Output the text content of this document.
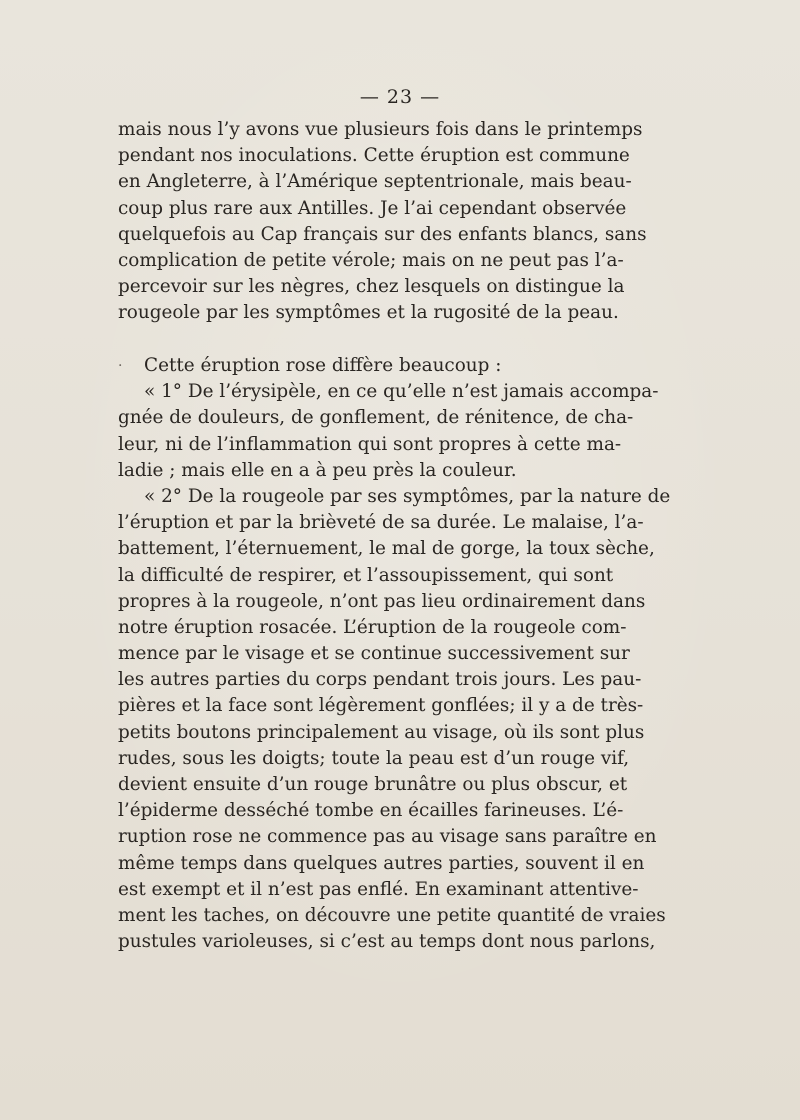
— 23 —
mais nous l’y avons vue plusieurs fois dans le printemps
pendant nos inoculations. Cette éruption est commune
en Angleterre, à l’Amérique septentrionale, mais beau-
coup plus rare aux Antilles. Je l’ai cependant observée
quelquefois au Cap français sur des enfants blancs, sans
complication de petite vérole; mais on ne peut pas l’a-
percevoir sur les nègres, chez lesquels on distingue la
rougeole par les symptômes et la rugosité de la peau.
· Cette éruption rose diffère beaucoup :
« 1° De l’érysipèle, en ce qu’elle n’est jamais accompa-
gnée de douleurs, de gonflement, de rénitence, de cha-
leur, ni de l’inflammation qui sont propres à cette ma-
ladie ; mais elle en a à peu près la couleur.
« 2° De la rougeole par ses symptômes, par la nature de
l’éruption et par la brièveté de sa durée. Le malaise, l’a-
battement, l’éternuement, le mal de gorge, la toux sèche,
la difficulté de respirer, et l’assoupissement, qui sont
propres à la rougeole, n’ont pas lieu ordinairement dans
notre éruption rosacée. L’éruption de la rougeole com-
mence par le visage et se continue successivement sur
les autres parties du corps pendant trois jours. Les pau-
pières et la face sont légèrement gonflées; il y a de très-
petits boutons principalement au visage, où ils sont plus
rudes, sous les doigts; toute la peau est d’un rouge vif,
devient ensuite d’un rouge brunâtre ou plus obscur, et
l’épiderme desséché tombe en écailles farineuses. L’é-
ruption rose ne commence pas au visage sans paraître en
même temps dans quelques autres parties, souvent il en
est exempt et il n’est pas enflé. En examinant attentive-
ment les taches, on découvre une petite quantité de vraies
pustules varioleuses, si c’est au temps dont nous parlons,
